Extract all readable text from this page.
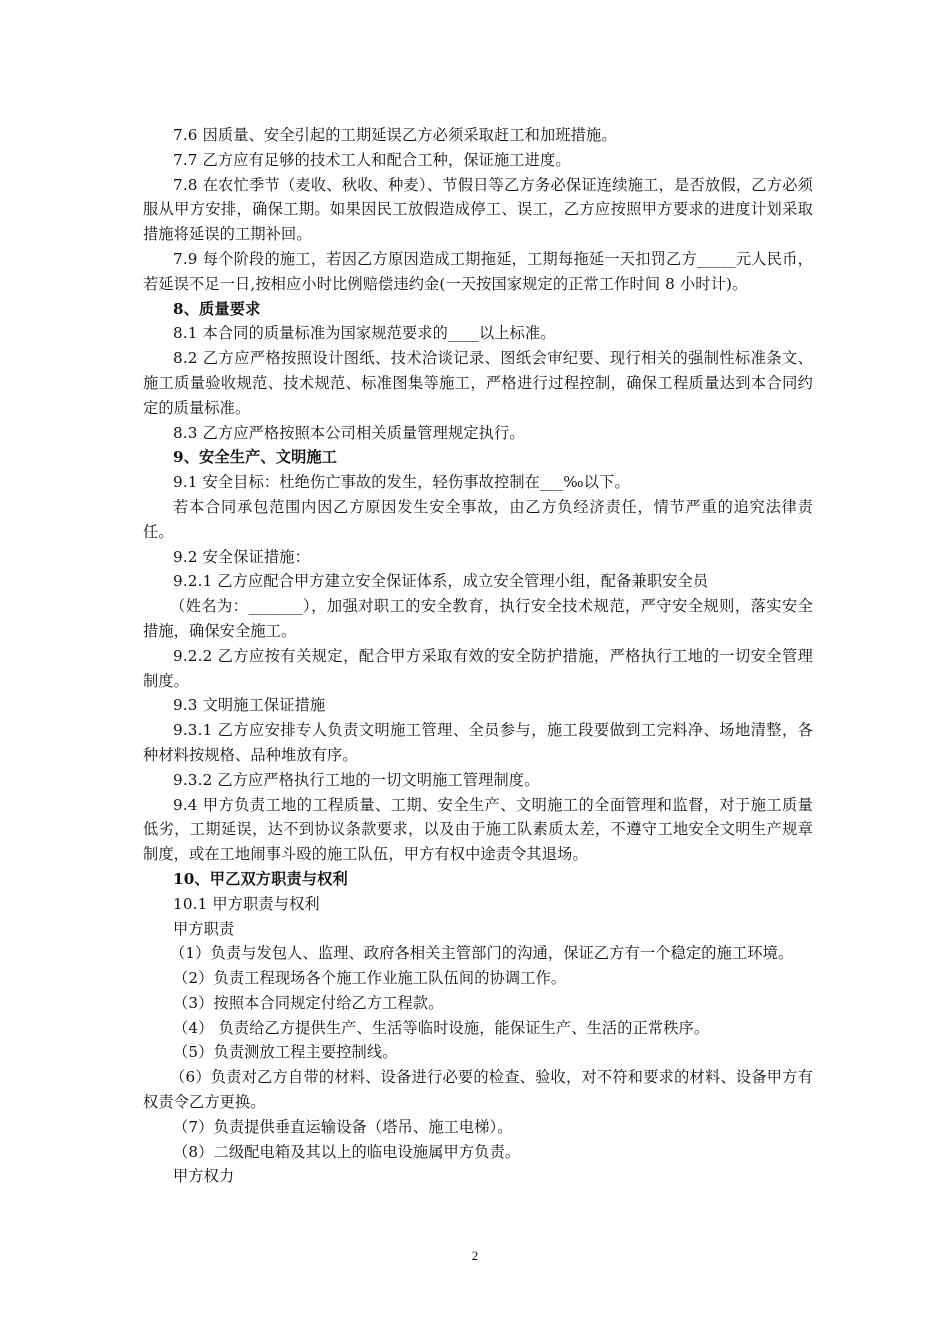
7.6 因质量、安全引起的工期延误乙方必须采取赶工和加班措施。

7.7 乙方应有足够的技术工人和配合工种，保证施工进度。

7.8 在农忙季节（麦收、秋收、种麦）、节假日等乙方务必保证连续施工，是否放假，乙方必须服从甲方安排，确保工期。如果因民工放假造成停工、误工，乙方应按照甲方要求的进度计划采取措施将延误的工期补回。

7.9 每个阶段的施工，若因乙方原因造成工期拖延，工期每拖延一天扣罚乙方_____元人民币，若延误不足一日,按相应小时比例赔偿违约金(一天按国家规定的正常工作时间 8 小时计)。

8、质量要求

8.1 本合同的质量标准为国家规范要求的____以上标准。

8.2 乙方应严格按照设计图纸、技术洽谈记录、图纸会审纪要、现行相关的强制性标准条文、施工质量验收规范、技术规范、标准图集等施工，严格进行过程控制，确保工程质量达到本合同约定的质量标准。

8.3 乙方应严格按照本公司相关质量管理规定执行。

9、安全生产、文明施工

9.1 安全目标：杜绝伤亡事故的发生，轻伤事故控制在___‰以下。

若本合同承包范围内因乙方原因发生安全事故，由乙方负经济责任，情节严重的追究法律责任。

9.2 安全保证措施：

9.2.1 乙方应配合甲方建立安全保证体系，成立安全管理小组，配备兼职安全员

（姓名为：_______），加强对职工的安全教育，执行安全技术规范，严守安全规则，落实安全措施，确保安全施工。

9.2.2 乙方应按有关规定，配合甲方采取有效的安全防护措施，严格执行工地的一切安全管理制度。

9.3 文明施工保证措施

9.3.1 乙方应安排专人负责文明施工管理、全员参与，施工段要做到工完料净、场地清整，各种材料按规格、品种堆放有序。

9.3.2 乙方应严格执行工地的一切文明施工管理制度。

9.4 甲方负责工地的工程质量、工期、安全生产、文明施工的全面管理和监督，对于施工质量低劣，工期延误，达不到协议条款要求，以及由于施工队素质太差，不遵守工地安全文明生产规章制度，或在工地闹事斗殴的施工队伍，甲方有权中途责令其退场。

10、甲乙双方职责与权利

10.1 甲方职责与权利

甲方职责

（1）负责与发包人、监理、政府各相关主管部门的沟通，保证乙方有一个稳定的施工环境。

（2）负责工程现场各个施工作业施工队伍间的协调工作。

（3）按照本合同规定付给乙方工程款。

（4） 负责给乙方提供生产、生活等临时设施，能保证生产、生活的正常秩序。

（5）负责测放工程主要控制线。

（6）负责对乙方自带的材料、设备进行必要的检查、验收，对不符和要求的材料、设备甲方有权责令乙方更换。

（7）负责提供垂直运输设备（塔吊、施工电梯）。

（8）二级配电箱及其以上的临电设施属甲方负责。

甲方权力

2
